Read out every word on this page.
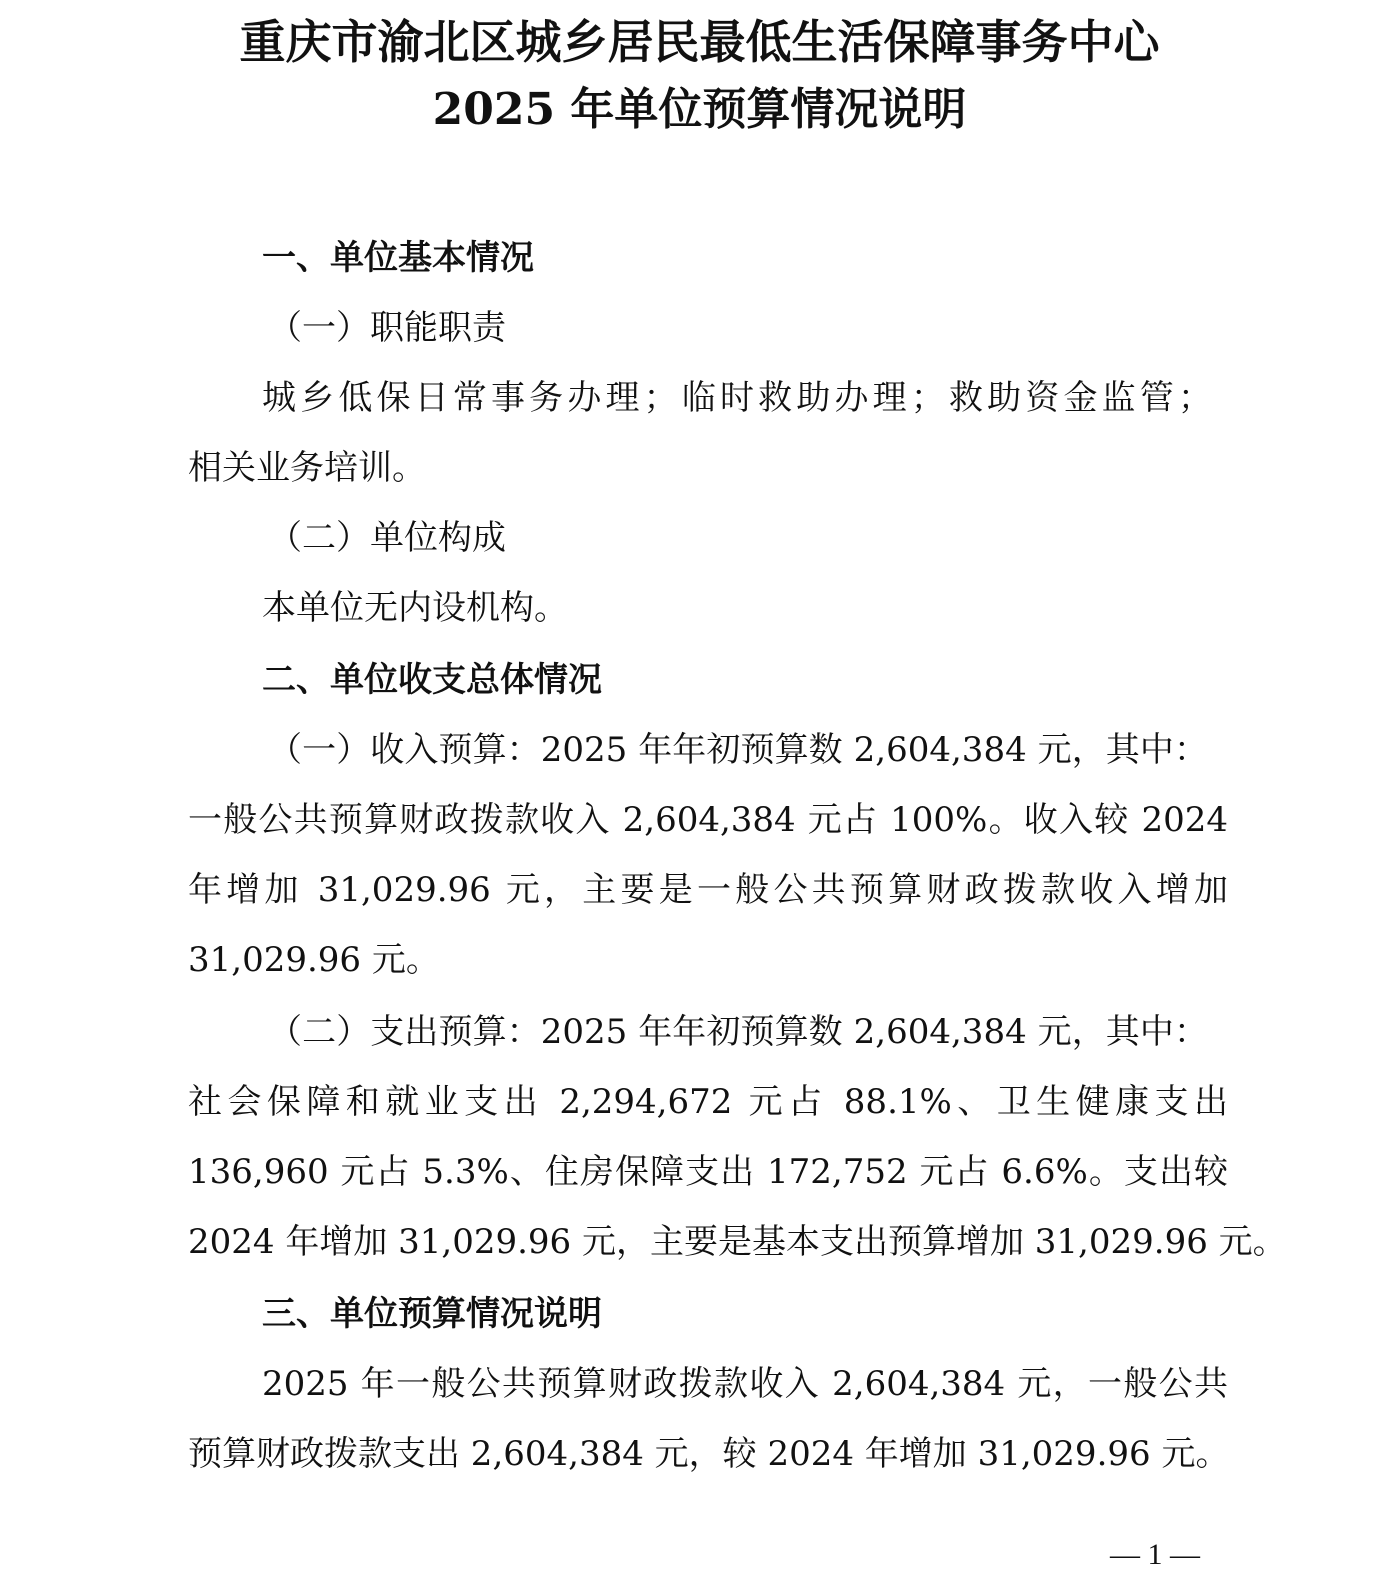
重庆市渝北区城乡居民最低生活保障事务中心
2025 年单位预算情况说明
一、单位基本情况
（一）职能职责
城乡低保日常事务办理；临时救助办理；救助资金监管；
相关业务培训。
（二）单位构成
本单位无内设机构。
二、单位收支总体情况
（一）收入预算：2025 年年初预算数 2,604,384 元，其中：
一般公共预算财政拨款收入 2,604,384 元占 100%。收入较 2024
年增加 31,029.96 元，主要是一般公共预算财政拨款收入增加
31,029.96 元。
（二）支出预算：2025 年年初预算数 2,604,384 元，其中：
社会保障和就业支出 2,294,672 元占 88.1%、卫生健康支出
136,960 元占 5.3%、住房保障支出 172,752 元占 6.6%。支出较
2024 年增加 31,029.96 元，主要是基本支出预算增加 31,029.96 元。
三、单位预算情况说明
2025 年一般公共预算财政拨款收入 2,604,384 元，一般公共
预算财政拨款支出 2,604,384 元，较 2024 年增加 31,029.96 元。
— 1 —
